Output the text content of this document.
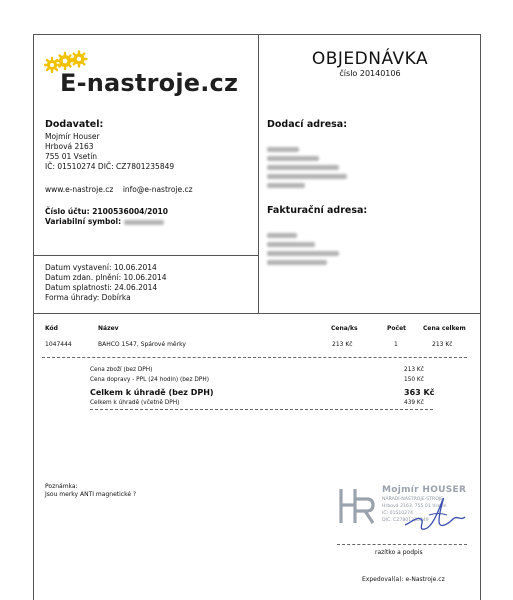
E-nastroje.cz
OBJEDNÁVKA
číslo 20140106
Dodavatel:
Mojmír Houser
Hrbová 2163
755 01 Vsetín
IČ: 01510274 DIČ: CZ7801235849
www.e-nastroje.cz info@e-nastroje.cz
Číslo účtu: 2100536004/2010
Variabilní symbol:
Dodací adresa:
Fakturační adresa:
Datum vystavení: 10.06.2014
Datum zdan. plnění: 10.06.2014
Datum splatnosti: 24.06.2014
Forma úhrady: Dobírka
Kód	Název	Cena/ks	Počet	Cena celkem
1047444	BAHCO 1547, Spárové měrky	213 Kč	1	213 Kč
Cena zboží (bez DPH)	213 Kč
Cena dopravy - PPL (24 hodin) (bez DPH)	150 Kč
Celkem k úhradě (bez DPH)	363 Kč
Celkem k úhradě (včetně DPH)	439 Kč
Poznámka:
Jsou merky ANTI magnetické ?	Mojmír HOUSER
NÁŘADÍ-NÁSTROJE-STROJE
Hrbová 2163, 755 01 Vsetín
IČ: 01510274
DIČ: CZ7801235849
razítko a podpis
Expedoval(a): e-Nastroje.cz
